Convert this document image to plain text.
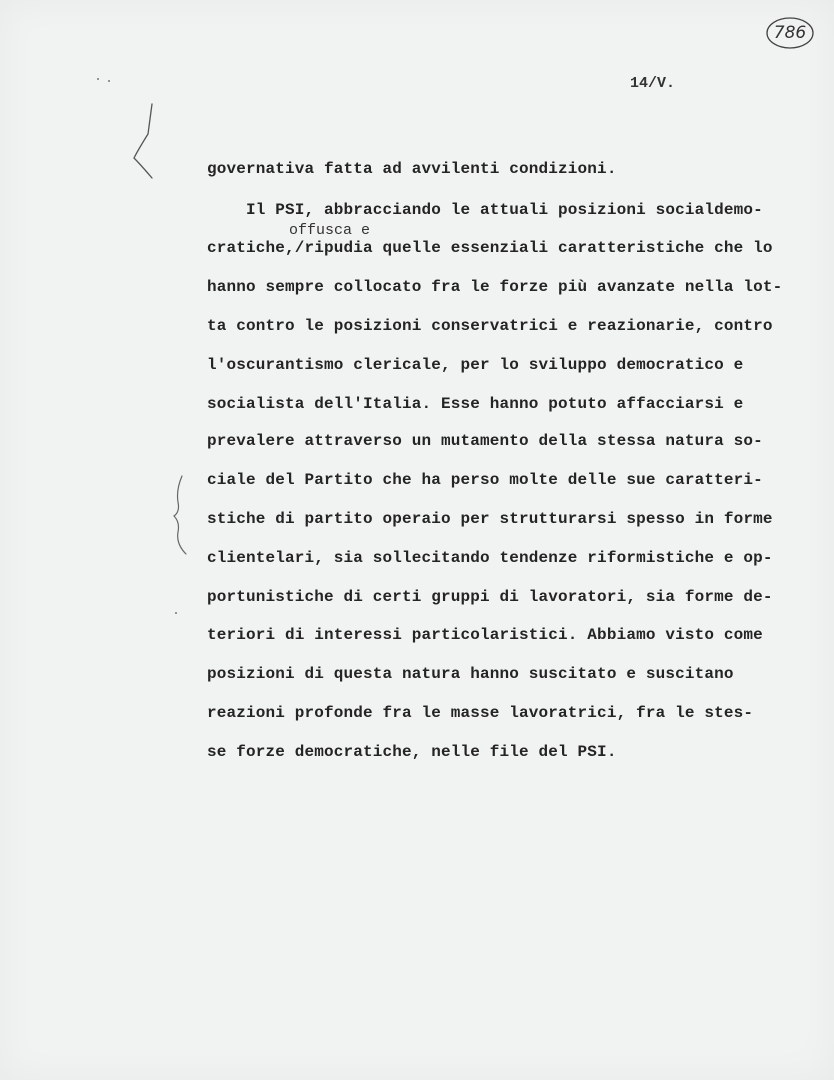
786
14/V.
offusca e
governativa fatta ad avvilenti condizioni.
Il PSI, abbracciando le attuali posizioni socialdemo-
cratiche,/ripudia quelle essenziali caratteristiche che lo
hanno sempre collocato fra le forze più avanzate nella lot-
ta contro le posizioni conservatrici e reazionarie, contro
l'oscurantismo clericale, per lo sviluppo democratico e
socialista dell'Italia. Esse hanno potuto affacciarsi e
prevalere attraverso un mutamento della stessa natura so-
ciale del Partito che ha perso molte delle sue caratteri-
stiche di partito operaio per strutturarsi spesso in forme
clientelari, sia sollecitando tendenze riformistiche e op-
portunistiche di certi gruppi di lavoratori, sia forme de-
teriori di interessi particolaristici. Abbiamo visto come
posizioni di questa natura hanno suscitato e suscitano
reazioni profonde fra le masse lavoratrici, fra le stes-
se forze democratiche, nelle file del PSI.
